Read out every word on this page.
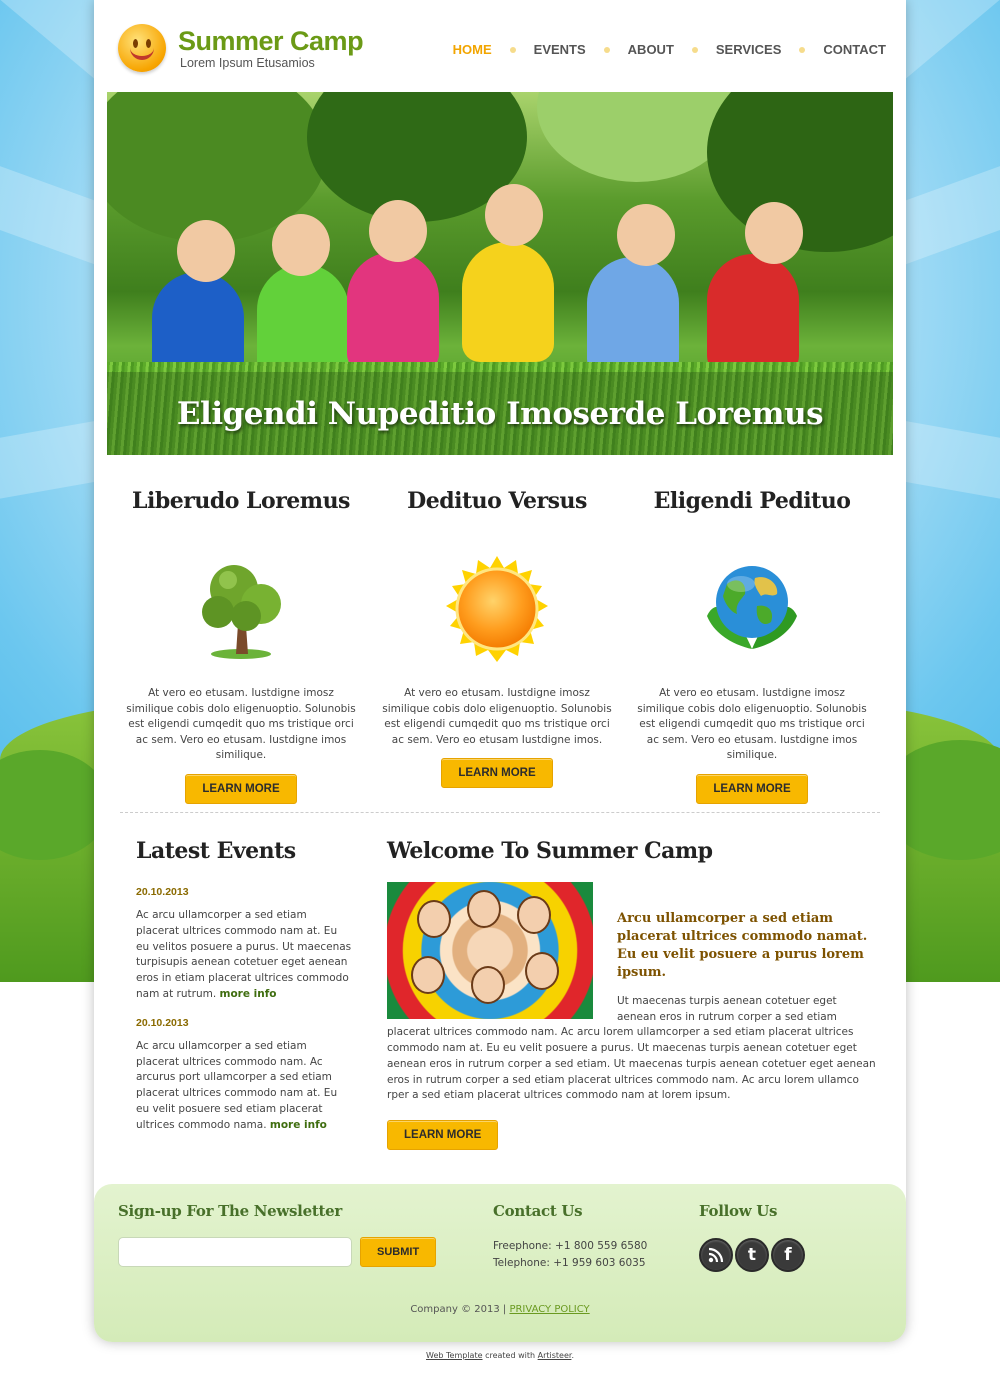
Summer Camp
Lorem Ipsum Etusamios
HOME	EVENTS	ABOUT	SERVICES	CONTACT
Eligendi Nupeditio Imoserde Loremus
Liberudo Loremus

At vero eo etusam. Iustdigne imosz similique cobis dolo eligenuoptio. Solunobis est eligendi cumqedit quo ms tristique orci ac sem. Vero eo etusam. Iustdigne imos similique.

LEARN MORE
Dedituo Versus

At vero eo etusam. Iustdigne imosz similique cobis dolo eligenuoptio. Solunobis est eligendi cumqedit quo ms tristique orci ac sem. Vero eo etusam Iustdigne imos.

LEARN MORE
Eligendi Pedituo

At vero eo etusam. Iustdigne imosz similique cobis dolo eligenuoptio. Solunobis est eligendi cumqedit quo ms tristique orci ac sem. Vero eo etusam. Iustdigne imos similique.

LEARN MORE
Latest Events
20.10.2013

Ac arcu ullamcorper a sed etiam placerat ultrices commodo nam at. Eu eu velitos posuere a purus. Ut maecenas turpisupis aenean cotetuer eget aenean eros in etiam placerat ultrices commodo nam at rutrum. more info

20.10.2013

Ac arcu ullamcorper a sed etiam placerat ultrices commodo nam. Ac arcurus port ullamcorper a sed etiam placerat ultrices commodo nam at. Eu eu velit posuere sed etiam placerat ultrices commodo nama. more info

Welcome To Summer Camp

Arcu ullamcorper a sed etiam placerat ultrices commodo namat. Eu eu velit posuere a purus lorem ipsum.

Ut maecenas turpis aenean cotetuer eget aenean eros in rutrum corper a sed etiam placerat ultrices commodo nam. Ac arcu lorem ullamcorper a sed etiam placerat ultrices commodo nam at. Eu eu velit posuere a purus. Ut maecenas turpis aenean cotetuer eget aenean eros in rutrum corper a sed etiam. Ut maecenas turpis aenean cotetuer eget aenean eros in rutrum corper a sed etiam placerat ultrices commodo nam. Ac arcu lorem ullamco rper a sed etiam placerat ultrices commodo nam at lorem ipsum.

LEARN MORE
Sign-up For The Newsletter
SUBMIT
Contact Us

Freephone: +1 800 559 6580

Telephone: +1 959 603 6035

Follow Us
t	f
Company © 2013 | PRIVACY POLICY
Web Template created with Artisteer.
